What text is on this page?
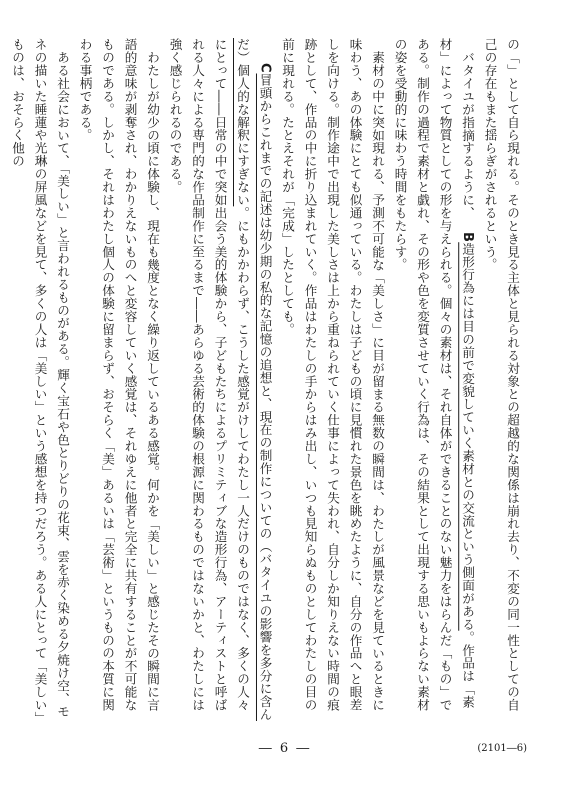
の「」として自ら現れる。そのとき見る主体と見られる対象との超越的な関係は崩れ去り、不変の同一性としての自己の存在もまた揺らぎがされるという。

バタイユが指摘するように、B造形行為には目の前で変貌していく素材との交流という側面がある。作品は「素材」によって物質としての形を与えられる。個々の素材は、それ自体ができることのない魅力をはらんだ「もの」である。制作の過程で素材と戯れ、その形や色を変質させていく行為は、その結果として出現する思いもよらない素材の姿を受動的に味わう時間をもたらす。

素材の中に突如現れる、予測不可能な「美しさ」に目が留まる無数の瞬間は、わたしが風景などを見ているときに味わう、あの体験にとても似通っている。わたしは子どもの頃に見慣れた景色を眺めたように、自分の作品へと眼差しを向ける。制作途中で出現した美しさは上から重ねられていく仕事によって失われ、自分しか知りえない時間の痕跡として、作品の中に折り込まれていく。作品はわたしの手からはみ出し、いつも見知らぬものとしてわたしの目の前に現れる。たとえそれが「完成」したとしても。

C冒頭からこれまでの記述は幼少期の私的な記憶の追想と、現在の制作についての（バタイユの影響を多分に含んだ）個人的な解釈にすぎない。にもかかわらず、こうした感覚がけしてわたし一人だけのものではなく、多くの人々にとって――日常の中で突如出会う美的体験から、子どもたちによるプリミティブな造形行為、アーティストと呼ばれる人々による専門的な作品制作に至るまで――あらゆる芸術的体験の根源に関わるものではないかと、わたしには強く感じられるのである。

わたしが幼少の頃に体験し、現在も幾度となく繰り返しているある感覚。何かを「美しい」と感じたその瞬間に言語的意味が剥奪され、わかりえないものへと変容していく感覚は、それゆえに他者と完全に共有することが不可能なものである。しかし、それはわたし個人の体験に留まらず、おそらく「美」あるいは「芸術」というものの本質に関わる事柄である。

ある社会において、「美しい」と言われるものがある。輝く宝石や色とりどりの花束、雲を赤く染める夕焼け空、モネの描いた睡蓮や光琳の屏風などを見て、多くの人は「美しい」という感想を持つだろう。ある人にとって「美しい」ものは、おそらく他の

― 6 ―	(2101―6)
